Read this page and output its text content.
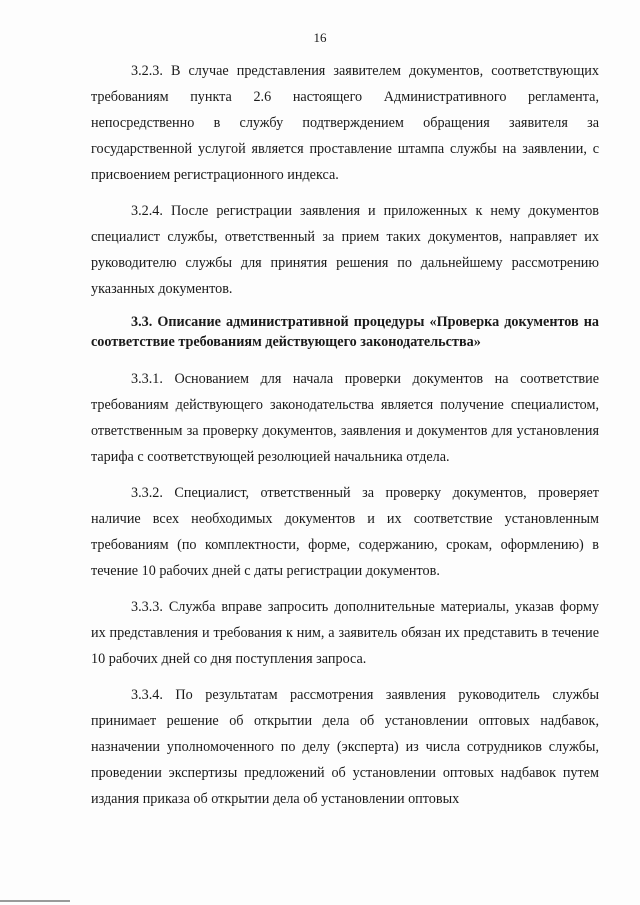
16

3.2.3. В случае представления заявителем документов, соответствующих требованиям пункта 2.6 настоящего Административного регламента, непосредственно в службу подтверждением обращения заявителя за государственной услугой является проставление штампа службы на заявлении, с присвоением регистрационного индекса.

3.2.4. После регистрации заявления и приложенных к нему документов специалист службы, ответственный за прием таких документов, направляет их руководителю службы для принятия решения по дальнейшему рассмотрению указанных документов.

3.3. Описание административной процедуры «Проверка документов на соответствие требованиям действующего законодательства»

3.3.1. Основанием для начала проверки документов на соответствие требованиям действующего законодательства является получение специалистом, ответственным за проверку документов, заявления и документов для установления тарифа с соответствующей резолюцией начальника отдела.

3.3.2. Специалист, ответственный за проверку документов, проверяет наличие всех необходимых документов и их соответствие установленным требованиям (по комплектности, форме, содержанию, срокам, оформлению) в течение 10 рабочих дней с даты регистрации документов.

3.3.3. Служба вправе запросить дополнительные материалы, указав форму их представления и требования к ним, а заявитель обязан их представить в течение 10 рабочих дней со дня поступления запроса.

3.3.4. По результатам рассмотрения заявления руководитель службы принимает решение об открытии дела об установлении оптовых надбавок, назначении уполномоченного по делу (эксперта) из числа сотрудников службы, проведении экспертизы предложений об установлении оптовых надбавок путем издания приказа об открытии дела об установлении оптовых
